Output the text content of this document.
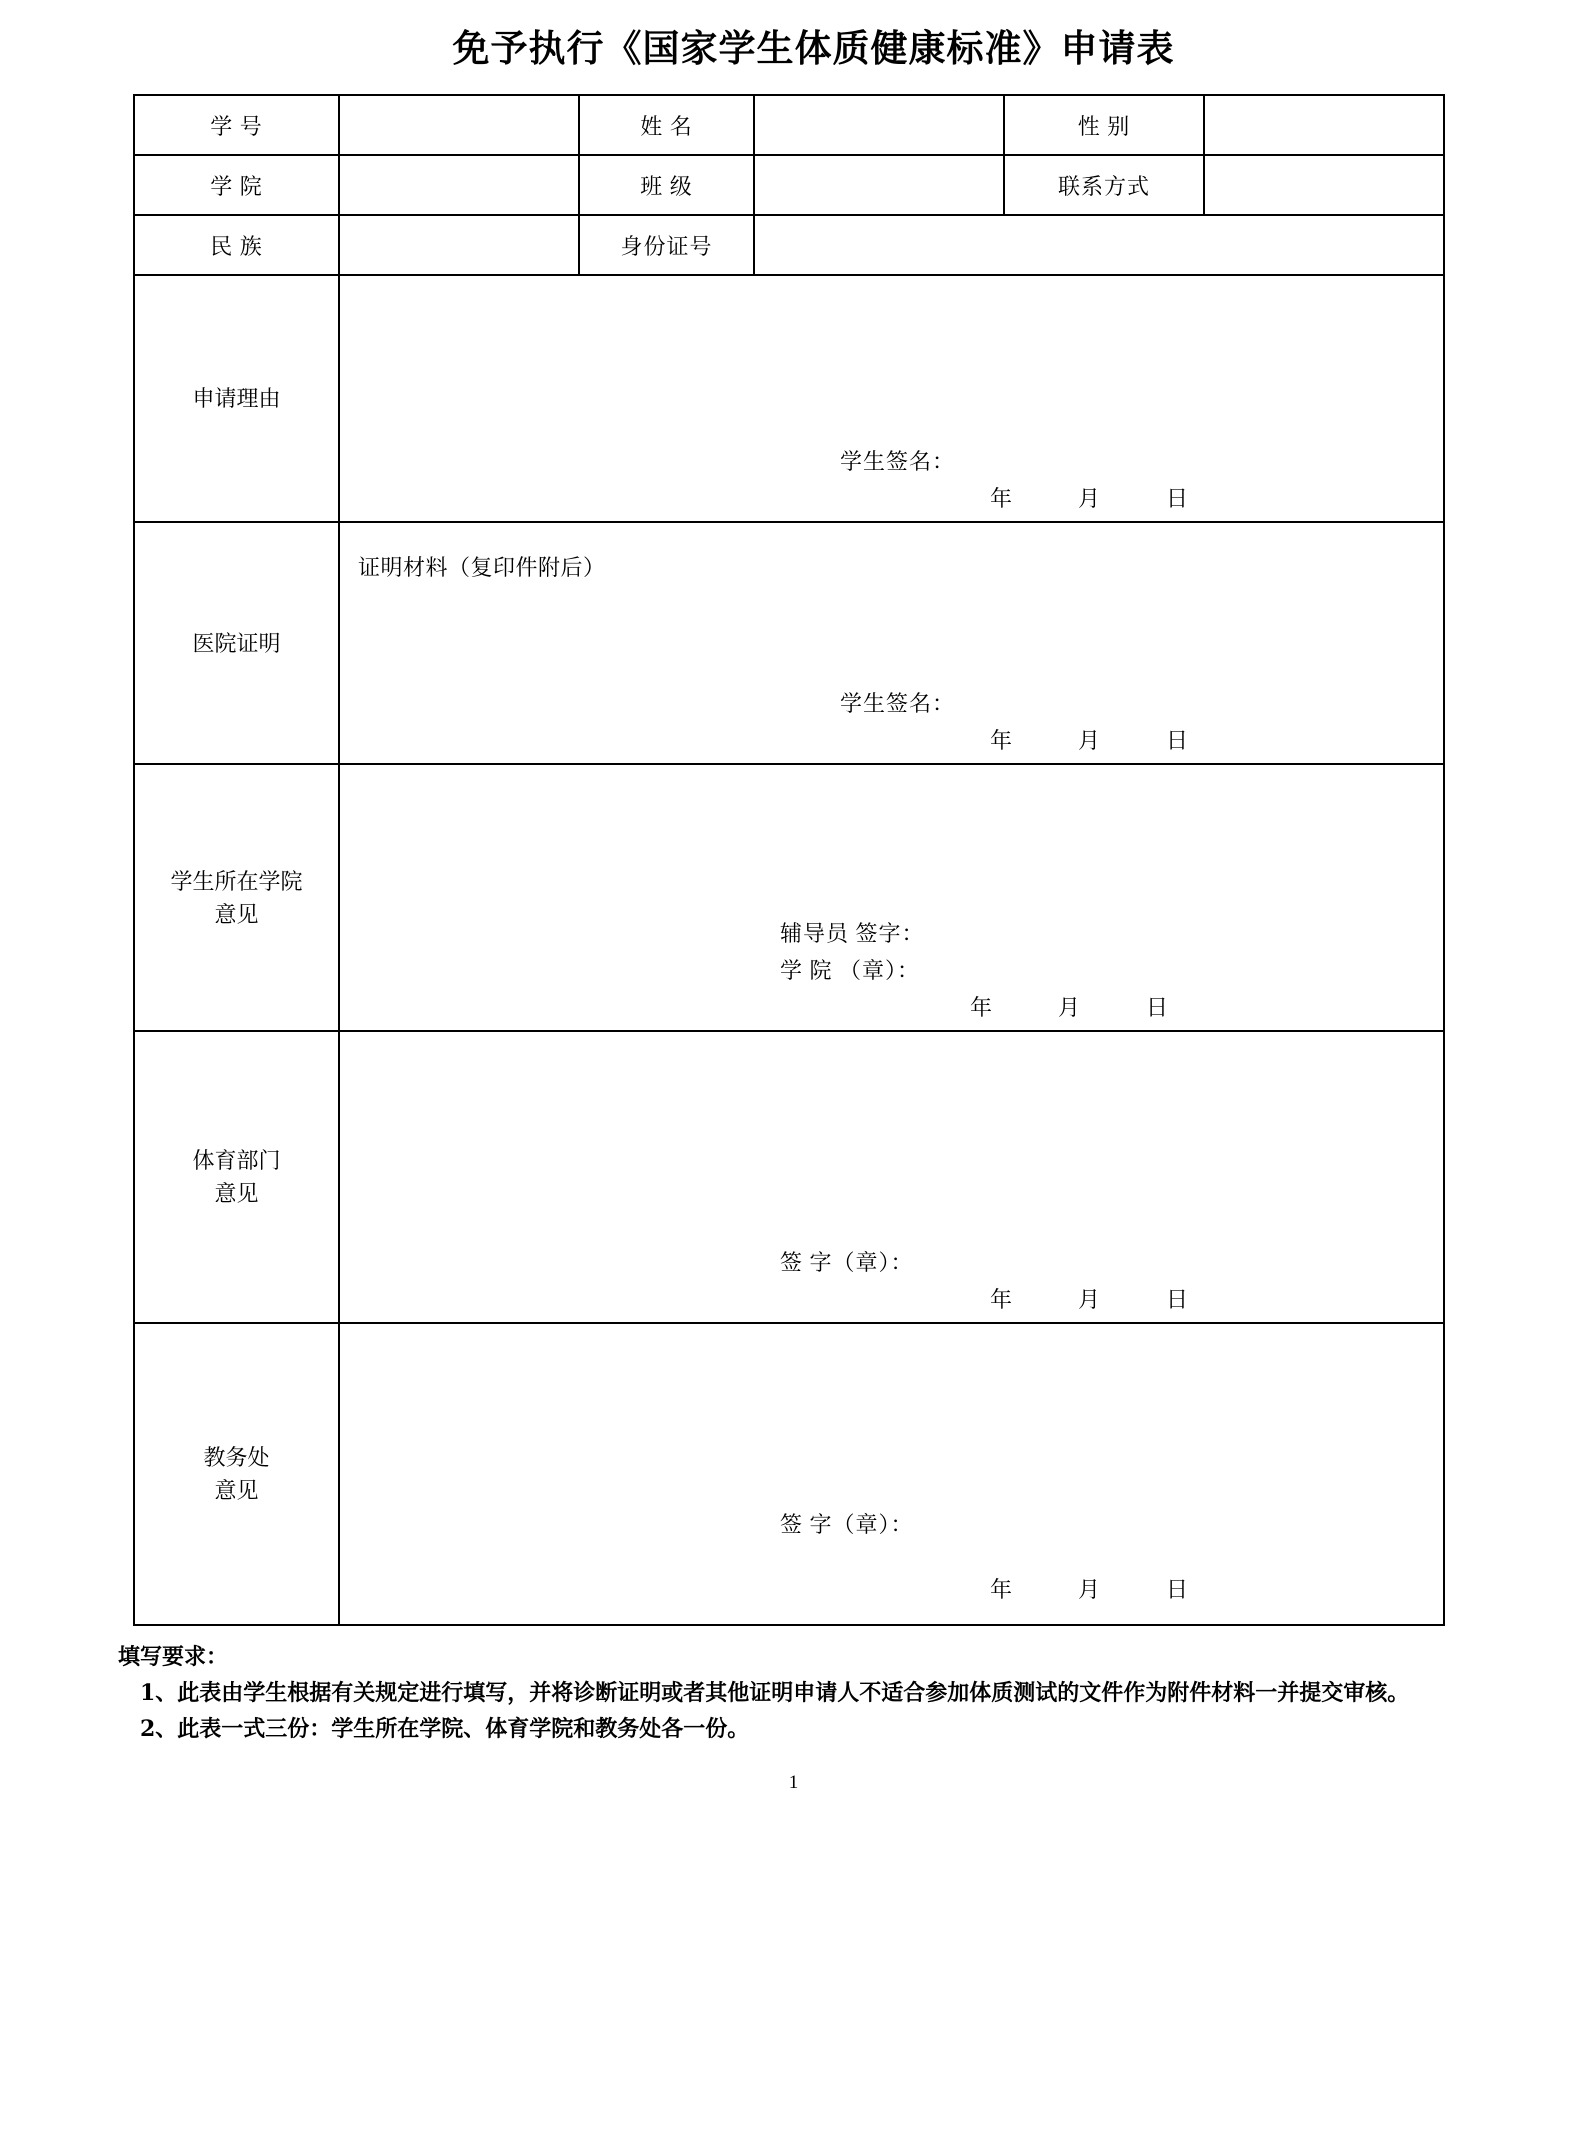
免予执行《国家学生体质健康标准》申请表
学 号		姓 名		性 别	
学 院		班 级		联系方式	
民 族		身份证号			
申请理由	学生签名：
年          月          日				

医院证明	证明材料（复印件附后）
学生签名：
年          月          日				

学生所在学院
意见

辅导员 签字：
学 院 （章）：
年          月          日

体育部门
意见

签 字（章）：
年          月          日

教务处
意见

签 字（章）：
年          月          日
填写要求：
1、此表由学生根据有关规定进行填写，并将诊断证明或者其他证明申请人不适合参加体质测试的文件作为附件材料一并提交审核。
2、此表一式三份：学生所在学院、体育学院和教务处各一份。
1
